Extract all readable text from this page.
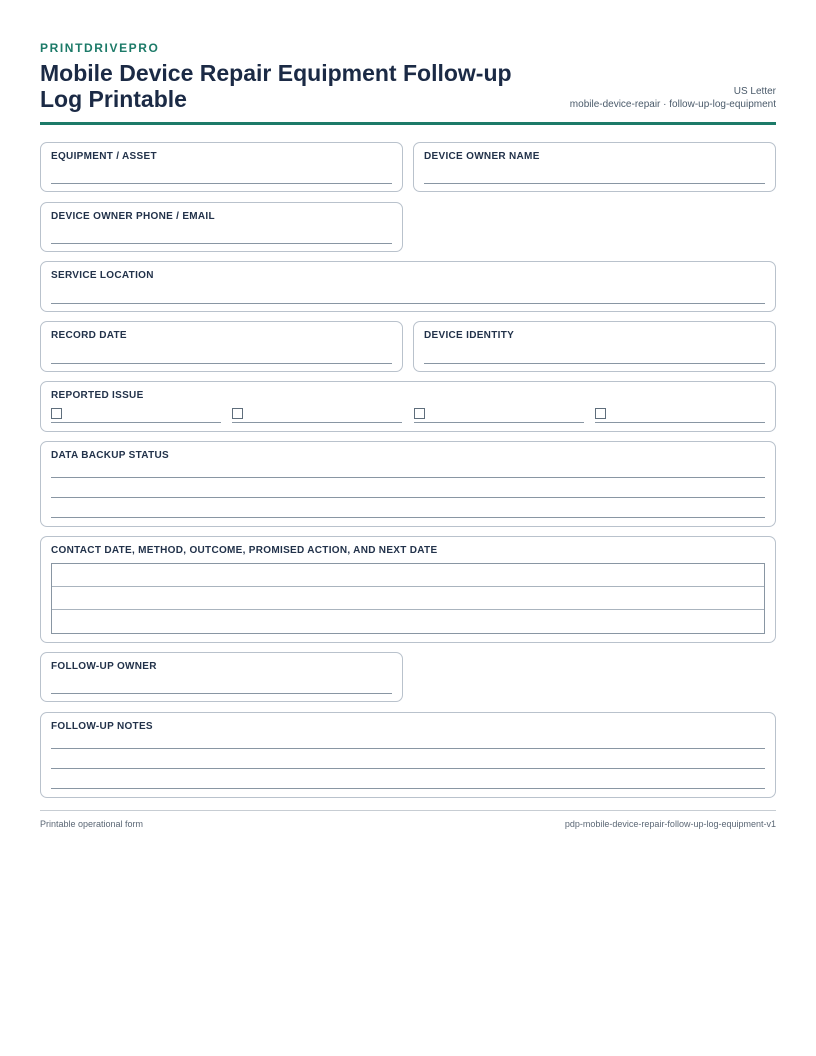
PRINTDRIVEPRO
Mobile Device Repair Equipment Follow-up Log Printable	US Letter
mobile-device-repair · follow-up-log-equipment
EQUIPMENT / ASSET	DEVICE OWNER NAME
DEVICE OWNER PHONE / EMAIL
SERVICE LOCATION
RECORD DATE	DEVICE IDENTITY
REPORTED ISSUE
DATA BACKUP STATUS
CONTACT DATE, METHOD, OUTCOME, PROMISED ACTION, AND NEXT DATE
FOLLOW-UP OWNER
FOLLOW-UP NOTES
Printable operational form	pdp-mobile-device-repair-follow-up-log-equipment-v1
